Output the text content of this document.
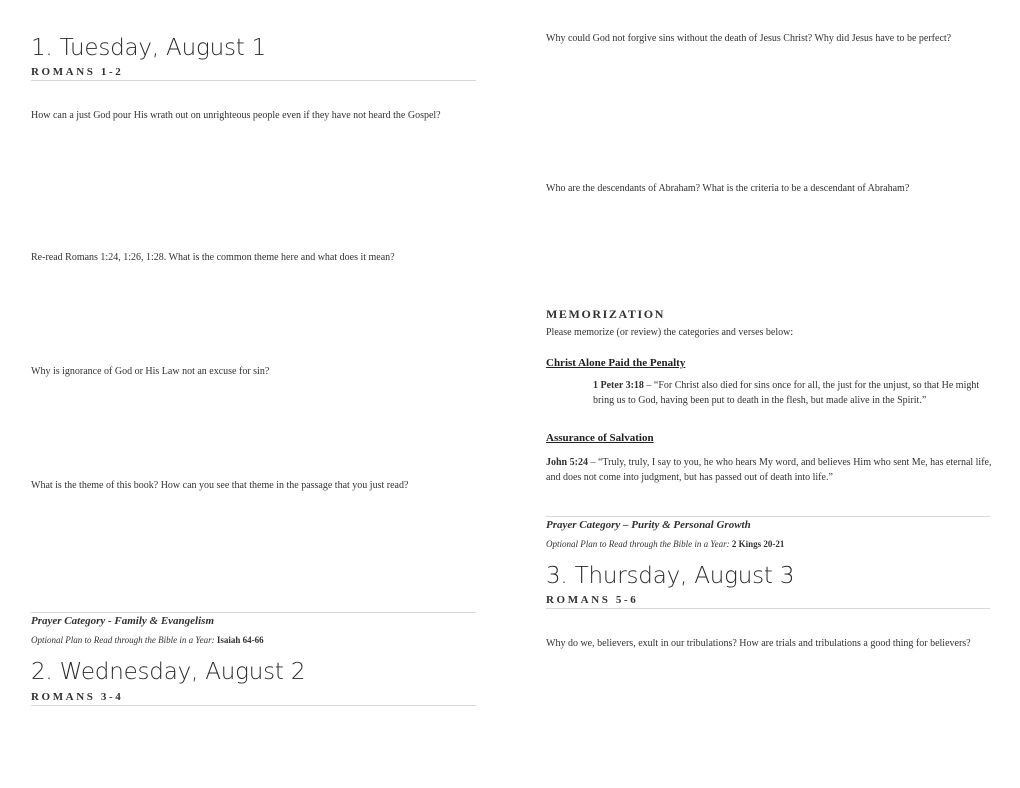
1. Tuesday, August 1
ROMANS 1-2
How can a just God pour His wrath out on unrighteous people even if they have not heard the Gospel?
Re-read Romans 1:24, 1:26, 1:28. What is the common theme here and what does it mean?
Why is ignorance of God or His Law not an excuse for sin?
What is the theme of this book? How can you see that theme in the passage that you just read?
Prayer Category - Family & Evangelism
Optional Plan to Read through the Bible in a Year: Isaiah 64-66
2. Wednesday, August 2
ROMANS 3-4
Why could God not forgive sins without the death of Jesus Christ? Why did Jesus have to be perfect?
Who are the descendants of Abraham? What is the criteria to be a descendant of Abraham?
MEMORIZATION
Please memorize (or review) the categories and verses below:
Christ Alone Paid the Penalty
1 Peter 3:18 – “For Christ also died for sins once for all, the just for the unjust, so that He might bring us to God, having been put to death in the flesh, but made alive in the Spirit.”
Assurance of Salvation
John 5:24 – “Truly, truly, I say to you, he who hears My word, and believes Him who sent Me, has eternal life, and does not come into judgment, but has passed out of death into life.”
Prayer Category – Purity & Personal Growth
Optional Plan to Read through the Bible in a Year: 2 Kings 20-21
3. Thursday, August 3
ROMANS 5-6
Why do we, believers, exult in our tribulations? How are trials and tribulations a good thing for believers?
